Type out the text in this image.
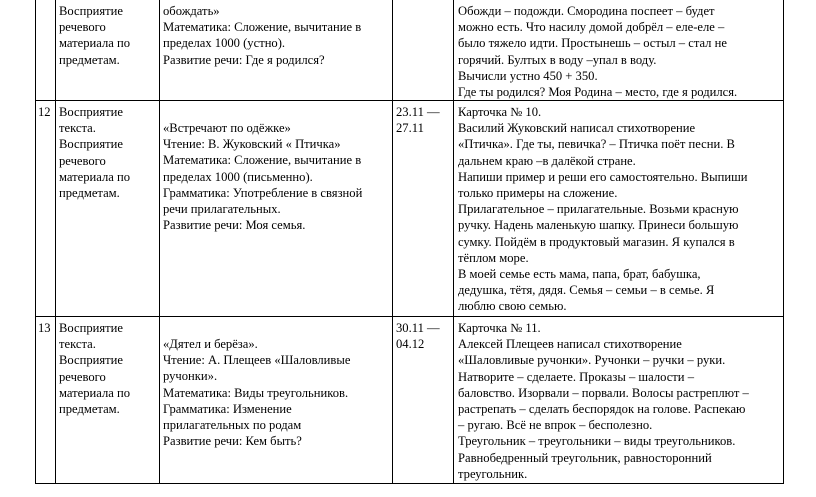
Восприятие
речевого
материала по
предметам.
обождать»
Математика: Сложение, вычитание в
пределах 1000 (устно).
Развитие речи: Где я родился?
Обожди – подожди. Смородина поспеет – будет
можно есть. Что насилу домой добрёл – еле-еле –
было тяжело идти. Простынешь – остыл – стал не
горячий. Бултых в воду –упал в воду.
Вычисли устно 450 + 350.
Где ты родился? Моя Родина – место, где я родился.
12 Восприятие
текста.
Восприятие
речевого
материала по
предметам.
«Встречают по одёжке»
Чтение: В. Жуковский « Птичка»
Математика: Сложение, вычитание в
пределах 1000 (письменно).
Грамматика: Употребление в связной
речи прилагательных.
Развитие речи: Моя семья.
23.11 —
27.11
Карточка № 10.
Василий Жуковский написал стихотворение
«Птичка». Где ты, певичка? – Птичка поёт песни. В
дальнем краю –в далёкой стране.
Напиши пример и реши его самостоятельно. Выпиши
только примеры на сложение.
Прилагательное – прилагательные. Возьми красную
ручку. Надень маленькую шапку. Принеси большую
сумку. Пойдём в продуктовый магазин. Я купался в
тёплом море.
В моей семье есть мама, папа, брат, бабушка,
дедушка, тётя, дядя. Семья – семьи – в семье. Я
люблю свою семью.
13 Восприятие
текста.
Восприятие
речевого
материала по
предметам.
«Дятел и берёза».
Чтение: А. Плещеев «Шаловливые
ручонки».
Математика: Виды треугольников.
Грамматика: Изменение
прилагательных по родам
Развитие речи: Кем быть?
30.11 —
04.12
Карточка № 11.
Алексей Плещеев написал стихотворение
«Шаловливые ручонки». Ручонки – ручки – руки.
Натворите – сделаете. Проказы – шалости –
баловство. Изорвали – порвали. Волосы растреплют –
растрепать – сделать беспорядок на голове. Распекаю
– ругаю. Всё не впрок – бесполезно.
Треугольник – треугольники – виды треугольников.
Равнобедренный треугольник, равносторонний
треугольник.
